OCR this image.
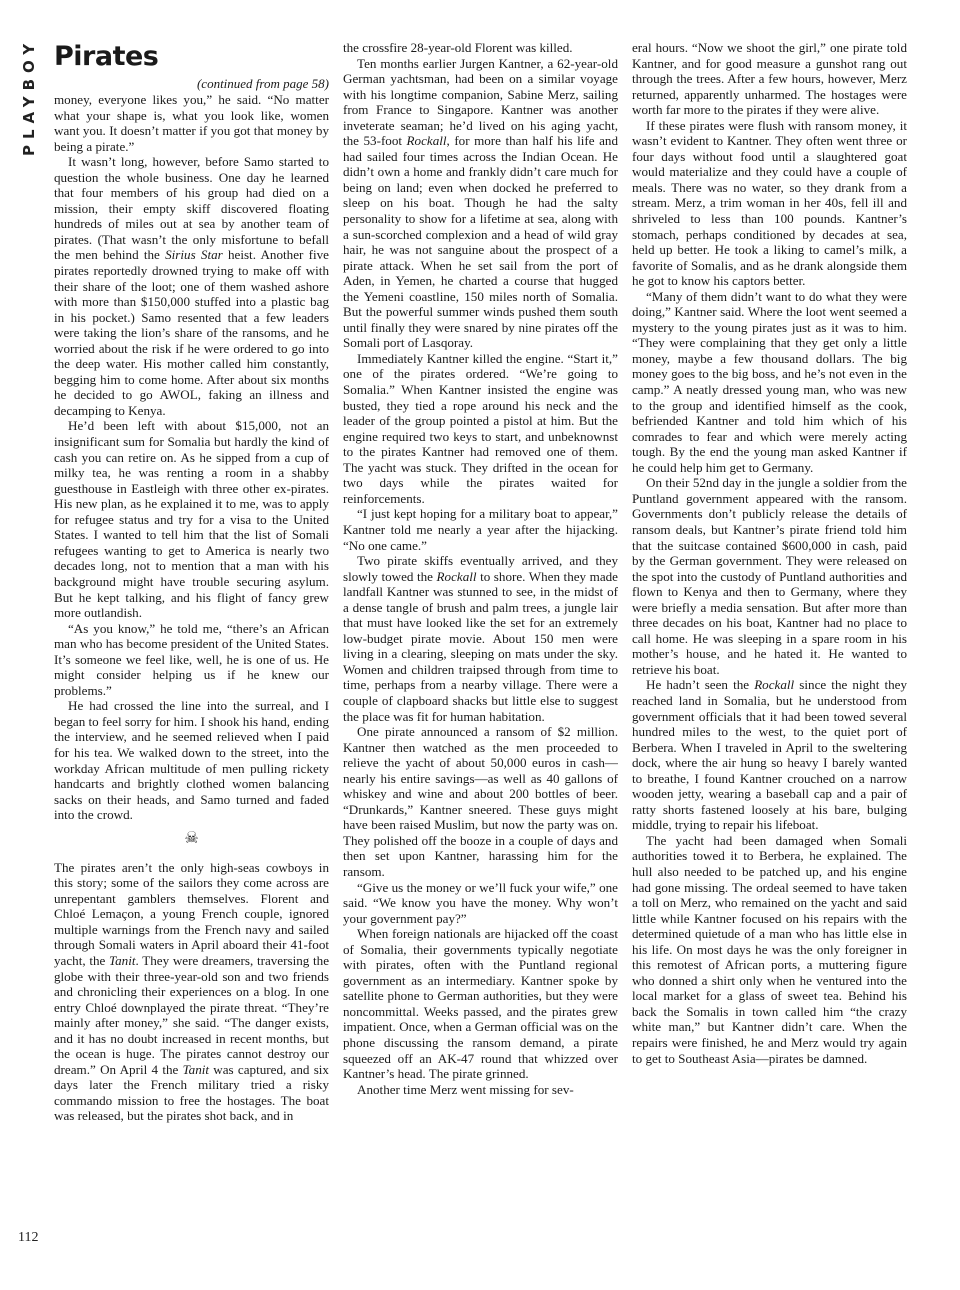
PLAYBOY
112
Pirates
(continued from page 58)

money, everyone likes you,” he said. “No matter what your shape is, what you look like, women want you. It doesn’t matter if you got that money by being a pirate.”

It wasn’t long, however, before Samo started to question the whole business. One day he learned that four members of his group had died on a mission, their empty skiff discovered floating hundreds of miles out at sea by another team of pirates. (That wasn’t the only misfortune to befall the men behind the Sirius Star heist. Another five pirates reportedly drowned trying to make off with their share of the loot; one of them washed ashore with more than $150,000 stuffed into a plastic bag in his pocket.) Samo resented that a few leaders were taking the lion’s share of the ransoms, and he worried about the risk if he were ordered to go into the deep water. His mother called him constantly, begging him to come home. After about six months he decided to go AWOL, faking an illness and decamping to Kenya.

He’d been left with about $15,000, not an insignificant sum for Somalia but hardly the kind of cash you can retire on. As he sipped from a cup of milky tea, he was renting a room in a shabby guesthouse in Eastleigh with three other ex-pirates. His new plan, as he explained it to me, was to apply for refugee status and try for a visa to the United States. I wanted to tell him that the list of Somali refugees wanting to get to America is nearly two decades long, not to mention that a man with his background might have trouble securing asylum. But he kept talking, and his flight of fancy grew more outlandish.

“As you know,” he told me, “there’s an African man who has become president of the United States. It’s someone we feel like, well, he is one of us. He might consider helping us if he knew our problems.”

He had crossed the line into the surreal, and I began to feel sorry for him. I shook his hand, ending the interview, and he seemed relieved when I paid for his tea. We walked down to the street, into the workday African multitude of men pulling rickety handcarts and brightly clothed women balancing sacks on their heads, and Samo turned and faded into the crowd.

☠

The pirates aren’t the only high-seas cowboys in this story; some of the sailors they come across are unrepentant gamblers themselves. Florent and Chloé Lemaçon, a young French couple, ignored multiple warnings from the French navy and sailed through Somali waters in April aboard their 41-foot yacht, the Tanit. They were dreamers, traversing the globe with their three-year-old son and two friends and chronicling their experiences on a blog. In one entry Chloé downplayed the pirate threat. “They’re mainly after money,” she said. “The danger exists, and it has no doubt increased in recent months, but the ocean is huge. The pirates cannot destroy our dream.” On April 4 the Tanit was captured, and six days later the French military tried a risky commando mission to free the hostages. The boat was released, but the pirates shot back, and in

the crossfire 28-year-old Florent was killed.

Ten months earlier Jurgen Kantner, a 62-year-old German yachtsman, had been on a similar voyage with his longtime companion, Sabine Merz, sailing from France to Singapore. Kantner was another inveterate seaman; he’d lived on his aging yacht, the 53-foot Rockall, for more than half his life and had sailed four times across the Indian Ocean. He didn’t own a home and frankly didn’t care much for being on land; even when docked he preferred to sleep on his boat. Though he had the salty personality to show for a lifetime at sea, along with a sun-scorched complexion and a head of wild gray hair, he was not sanguine about the prospect of a pirate attack. When he set sail from the port of Aden, in Yemen, he charted a course that hugged the Yemeni coastline, 150 miles north of Somalia. But the powerful summer winds pushed them south until finally they were snared by nine pirates off the Somali port of Lasqoray.

Immediately Kantner killed the engine. “Start it,” one of the pirates ordered. “We’re going to Somalia.” When Kantner insisted the engine was busted, they tied a rope around his neck and the leader of the group pointed a pistol at him. But the engine required two keys to start, and unbeknownst to the pirates Kantner had removed one of them. The yacht was stuck. They drifted in the ocean for two days while the pirates waited for reinforcements.

“I just kept hoping for a military boat to appear,” Kantner told me nearly a year after the hijacking. “No one came.”

Two pirate skiffs eventually arrived, and they slowly towed the Rockall to shore. When they made landfall Kantner was stunned to see, in the midst of a dense tangle of brush and palm trees, a jungle lair that must have looked like the set for an extremely low-budget pirate movie. About 150 men were living in a clearing, sleeping on mats under the sky. Women and children traipsed through from time to time, perhaps from a nearby village. There were a couple of clapboard shacks but little else to suggest the place was fit for human habitation.

One pirate announced a ransom of $2 million. Kantner then watched as the men proceeded to relieve the yacht of about 50,000 euros in cash—nearly his entire savings—as well as 40 gallons of whiskey and wine and about 200 bottles of beer. “Drunkards,” Kantner sneered. These guys might have been raised Muslim, but now the party was on. They polished off the booze in a couple of days and then set upon Kantner, harassing him for the ransom.

“Give us the money or we’ll fuck your wife,” one said. “We know you have the money. Why won’t your government pay?”

When foreign nationals are hijacked off the coast of Somalia, their governments typically negotiate with pirates, often with the Puntland regional government as an intermediary. Kantner spoke by satellite phone to German authorities, but they were noncommittal. Weeks passed, and the pirates grew impatient. Once, when a German official was on the phone discussing the ransom demand, a pirate squeezed off an AK-47 round that whizzed over Kantner’s head. The pirate grinned.

Another time Merz went missing for sev-

eral hours. “Now we shoot the girl,” one pirate told Kantner, and for good measure a gunshot rang out through the trees. After a few hours, however, Merz returned, apparently unharmed. The hostages were worth far more to the pirates if they were alive.

If these pirates were flush with ransom money, it wasn’t evident to Kantner. They often went three or four days without food until a slaughtered goat would materialize and they could have a couple of meals. There was no water, so they drank from a stream. Merz, a trim woman in her 40s, fell ill and shriveled to less than 100 pounds. Kantner’s stomach, perhaps conditioned by decades at sea, held up better. He took a liking to camel’s milk, a favorite of Somalis, and as he drank alongside them he got to know his captors better.

“Many of them didn’t want to do what they were doing,” Kantner said. Where the loot went seemed a mystery to the young pirates just as it was to him. “They were complaining that they get only a little money, maybe a few thousand dollars. The big money goes to the big boss, and he’s not even in the camp.” A neatly dressed young man, who was new to the group and identified himself as the cook, befriended Kantner and told him which of his comrades to fear and which were merely acting tough. By the end the young man asked Kantner if he could help him get to Germany.

On their 52nd day in the jungle a soldier from the Puntland government appeared with the ransom. Governments don’t publicly release the details of ransom deals, but Kantner’s pirate friend told him that the suitcase contained $600,000 in cash, paid by the German government. They were released on the spot into the custody of Puntland authorities and flown to Kenya and then to Germany, where they were briefly a media sensation. But after more than three decades on his boat, Kantner had no place to call home. He was sleeping in a spare room in his mother’s house, and he hated it. He wanted to retrieve his boat.

He hadn’t seen the Rockall since the night they reached land in Somalia, but he understood from government officials that it had been towed several hundred miles to the west, to the quiet port of Berbera. When I traveled in April to the sweltering dock, where the air hung so heavy I barely wanted to breathe, I found Kantner crouched on a narrow wooden jetty, wearing a baseball cap and a pair of ratty shorts fastened loosely at his bare, bulging middle, trying to repair his lifeboat.

The yacht had been damaged when Somali authorities towed it to Berbera, he explained. The hull also needed to be patched up, and his engine had gone missing. The ordeal seemed to have taken a toll on Merz, who remained on the yacht and said little while Kantner focused on his repairs with the determined quietude of a man who has little else in his life. On most days he was the only foreigner in this remotest of African ports, a muttering figure who donned a shirt only when he ventured into the local market for a glass of sweet tea. Behind his back the Somalis in town called him “the crazy white man,” but Kantner didn’t care. When the repairs were finished, he and Merz would try again to get to Southeast Asia—pirates be damned.
